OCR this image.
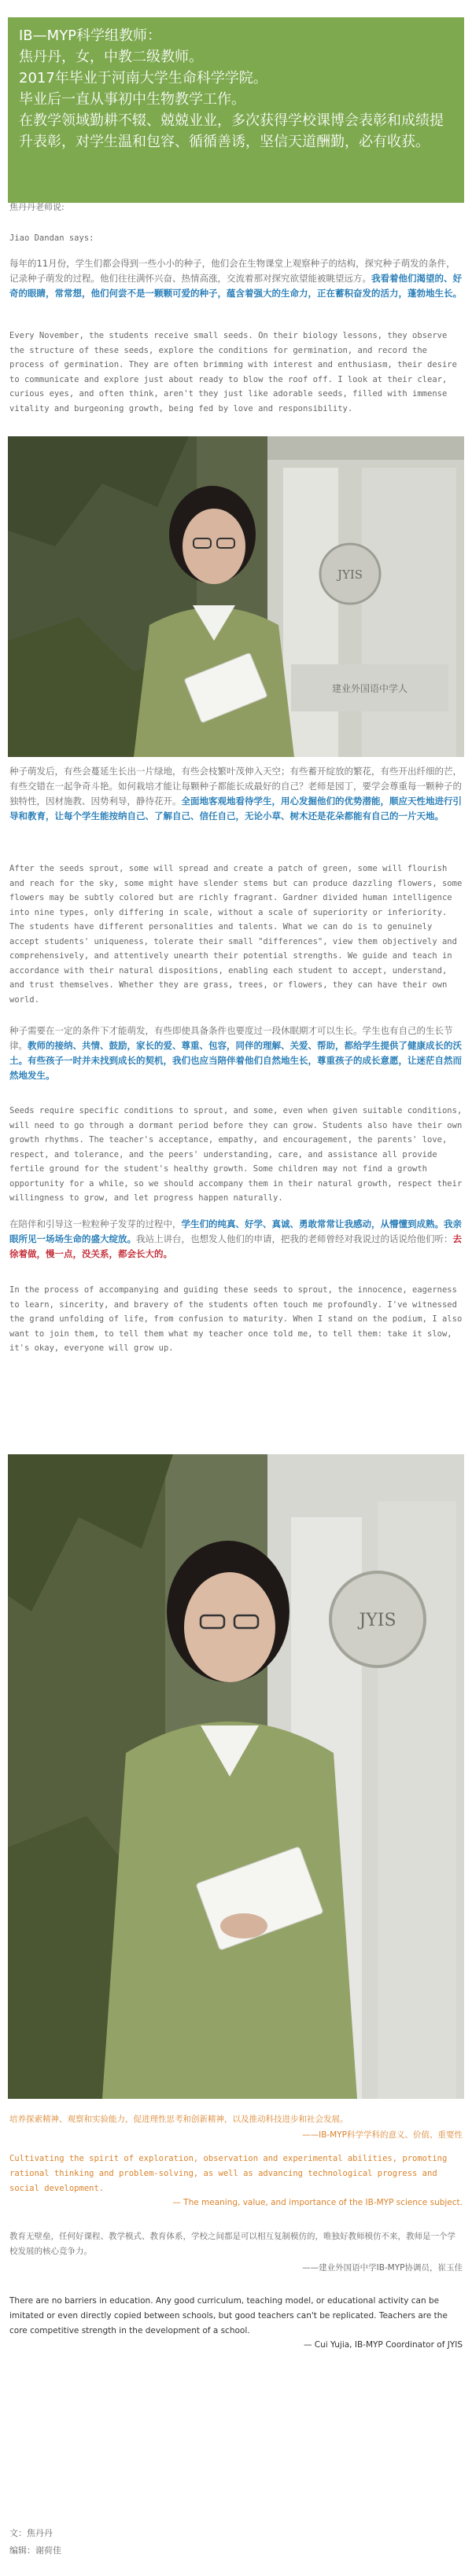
IB—MYP科学组教师：

焦丹丹，女，中教二级教师。

2017年毕业于河南大学生命科学学院。

毕业后一直从事初中生物教学工作。

在教学领域勤耕不辍、兢兢业业，多次获得学校课博会表彰和成绩提升表彰，对学生温和包容、循循善诱，坚信天道酬勤，必有收获。

焦丹丹老师说:

Jiao Dandan says:

每年的11月份，学生们都会得到一些小小的种子，他们会在生物课堂上观察种子的结构，探究种子萌发的条件，记录种子萌发的过程。他们往往满怀兴奋、热情高涨，交流着那对探究欲望能被眺望远方。我看着他们渴望的、好奇的眼睛，常常想，他们何尝不是一颗颗可爱的种子，蕴含着强大的生命力，正在蓄积奋发的活力，蓬勃地生长。

Every November, the students receive small seeds. On their biology lessons, they observe the structure of these seeds, explore the conditions for germination, and record the process of germination. They are often brimming with interest and enthusiasm, their desire to communicate and explore just about ready to blow the roof off. I look at their clear, curious eyes, and often think, aren't they just like adorable seeds, filled with immense vitality and burgeoning growth, being fed by love and responsibility.

JYIS
建业外国语中学人

种子萌发后，有些会蔓延生长出一片绿地，有些会枝繁叶茂伸入天空；有些蓄开绽放的繁花，有些开出纤细的芒，有些交错在一起争奇斗艳。如何栽培才能让每颗种子都能长成最好的自己？老师是园丁，要学会尊重每一颗种子的独特性，因材施教、因势利导，静待花开。全面地客观地看待学生，用心发掘他们的优势潜能，顺应天性地进行引导和教育，让每个学生能按纳自己、了解自己、信任自己，无论小草、树木还是花朵都能有自己的一片天地。

After the seeds sprout, some will spread and create a patch of green, some will flourish and reach for the sky, some might have slender stems but can produce dazzling flowers, some flowers may be subtly colored but are richly fragrant. Gardner divided human intelligence into nine types, only differing in scale, without a scale of superiority or inferiority. The students have different personalities and talents. What we can do is to genuinely accept students' uniqueness, tolerate their small "differences", view them objectively and comprehensively, and attentively unearth their potential strengths. We guide and teach in accordance with their natural dispositions, enabling each student to accept, understand, and trust themselves. Whether they are grass, trees, or flowers, they can have their own world.

种子需要在一定的条件下才能萌发，有些即使具备条件也要度过一段休眠期才可以生长。学生也有自己的生长节律。教师的接纳、共情、鼓励，家长的爱、尊重、包容，同伴的理解、关爱、帮助，都给学生提供了健康成长的沃土。有些孩子一时并未找到成长的契机，我们也应当陪伴着他们自然地生长，尊重孩子的成长意愿，让迷茫自然而然地发生。

Seeds require specific conditions to sprout, and some, even when given suitable conditions, will need to go through a dormant period before they can grow. Students also have their own growth rhythms. The teacher's acceptance, empathy, and encouragement, the parents' love, respect, and tolerance, and the peers' understanding, care, and assistance all provide fertile ground for the student's healthy growth. Some children may not find a growth opportunity for a while, so we should accompany them in their natural growth, respect their willingness to grow, and let progress happen naturally.

在陪伴和引导这一粒粒种子发芽的过程中，学生们的纯真、好学、真诚、勇敢常常让我感动，从懵懂到成熟。我亲眼所见一场场生命的盛大绽放。我站上讲台，也想发人他们的申请，把我的老师曾经对我说过的话说给他们听：去徐着做，慢一点，没关系，都会长大的。

In the process of accompanying and guiding these seeds to sprout, the innocence, eagerness to learn, sincerity, and bravery of the students often touch me profoundly. I've witnessed the grand unfolding of life, from confusion to maturity. When I stand on the podium, I also want to join them, to tell them what my teacher once told me, to tell them: take it slow, it's okay, everyone will grow up.

JYIS

培养探索精神、观察和实验能力，促进理性思考和创新精神，以及推动科技进步和社会发展。

——IB-MYP科学学科的意义、价值、重要性

Cultivating the spirit of exploration, observation and experimental abilities, promoting rational thinking and problem-solving, as well as advancing technological progress and social development.

— The meaning, value, and importance of the IB-MYP science subject.

教育无壁垒，任何好课程、教学模式、教育体系，学校之间都是可以相互复制模仿的，唯独好教师模仿不来，教师是一个学校发展的核心竞争力。

——建业外国语中学IB-MYP协调员，崔玉佳

There are no barriers in education. Any good curriculum, teaching model, or educational activity can be imitated or even directly copied between schools, but good teachers can't be replicated. Teachers are the core competitive strength in the development of a school.

— Cui Yujia, IB-MYP Coordinator of JYIS

文：焦丹丹

编辑：谢荷佳
